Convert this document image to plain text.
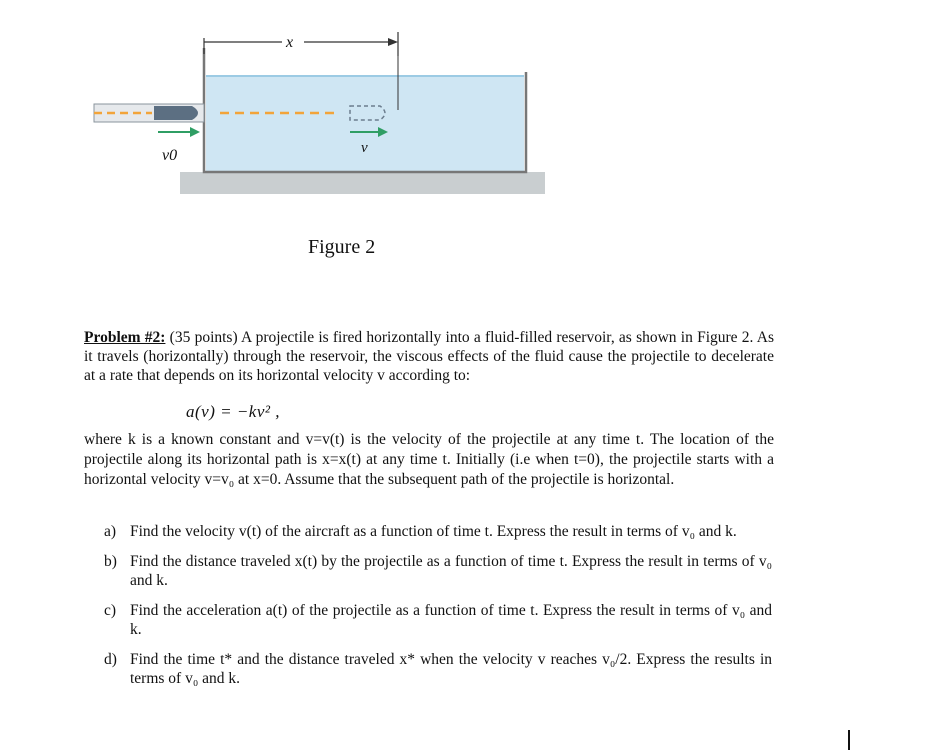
x
v0	v
Figure 2

Problem #2: (35 points) A projectile is fired horizontally into a fluid-filled reservoir, as shown in Figure 2. As it travels (horizontally) through the reservoir, the viscous effects of the fluid cause the projectile to decelerate at a rate that depends on its horizontal velocity v according to:

a(v) = −kv² ,

where k is a known constant and v=v(t) is the velocity of the projectile at any time t. The location of the projectile along its horizontal path is x=x(t) at any time t. Initially (i.e when t=0), the projectile starts with a horizontal velocity v=v₀ at x=0. Assume that the subsequent path of the projectile is horizontal.

a) Find the velocity v(t) of the aircraft as a function of time t. Express the result in terms of v₀ and k.
b) Find the distance traveled x(t) by the projectile as a function of time t. Express the result in terms of v₀ and k.
c) Find the acceleration a(t) of the projectile as a function of time t. Express the result in terms of v₀ and k.
d) Find the time t* and the distance traveled x* when the velocity v reaches v₀/2. Express the results in terms of v₀ and k.
